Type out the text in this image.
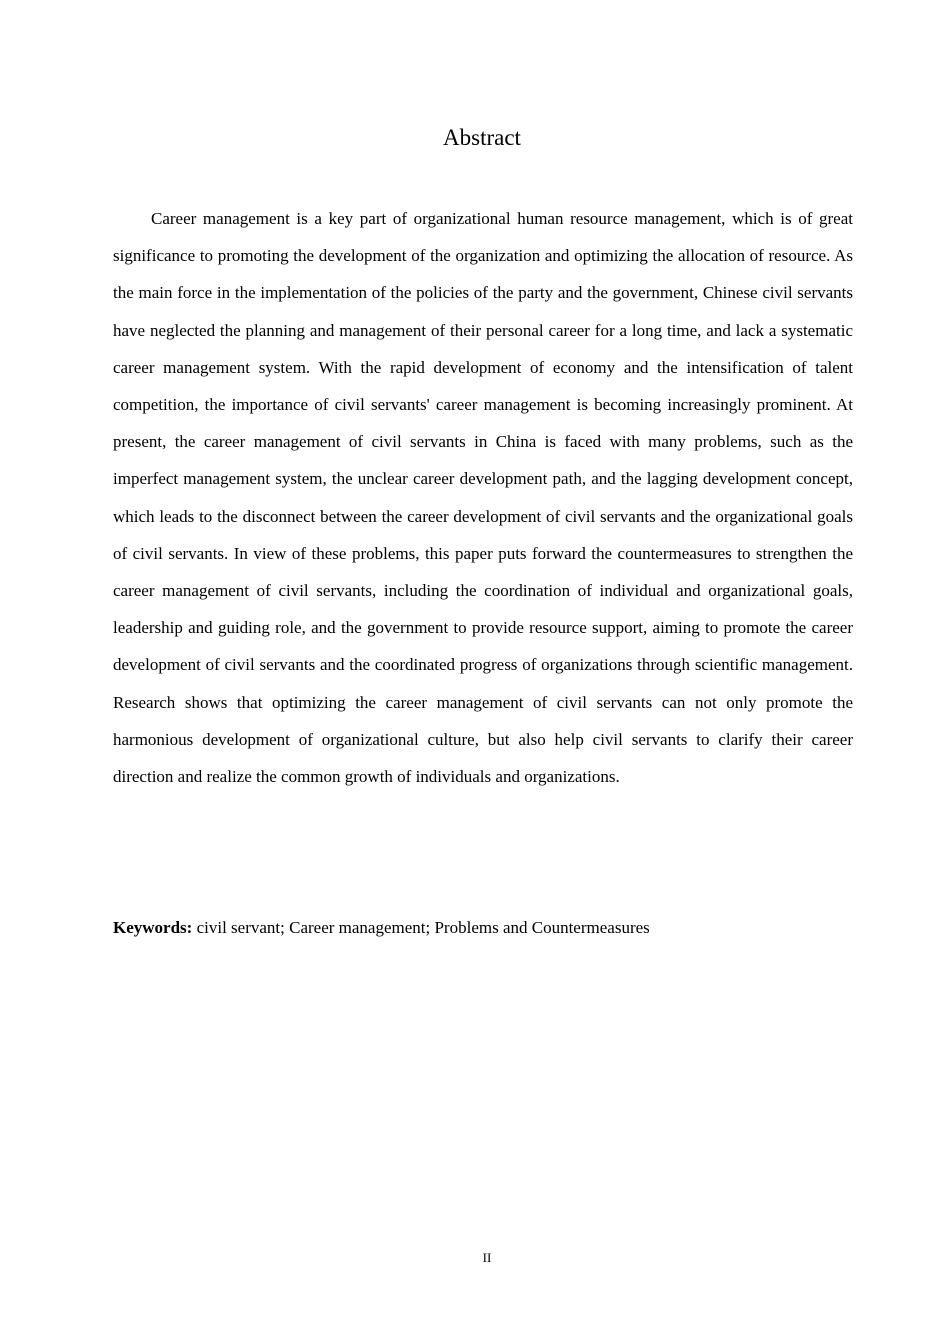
Abstract

Career management is a key part of organizational human resource management, which is of great significance to promoting the development of the organization and optimizing the allocation of resource. As the main force in the implementation of the policies of the party and the government, Chinese civil servants have neglected the planning and management of their personal career for a long time, and lack a systematic career management system. With the rapid development of economy and the intensification of talent competition, the importance of civil servants' career management is becoming increasingly prominent. At present, the career management of civil servants in China is faced with many problems, such as the imperfect management system, the unclear career development path, and the lagging development concept, which leads to the disconnect between the career development of civil servants and the organizational goals of civil servants. In view of these problems, this paper puts forward the countermeasures to strengthen the career management of civil servants, including the coordination of individual and organizational goals, leadership and guiding role, and the government to provide resource support, aiming to promote the career development of civil servants and the coordinated progress of organizations through scientific management. Research shows that optimizing the career management of civil servants can not only promote the harmonious development of organizational culture, but also help civil servants to clarify their career direction and realize the common growth of individuals and organizations.

Keywords: civil servant; Career management; Problems and Countermeasures

II
